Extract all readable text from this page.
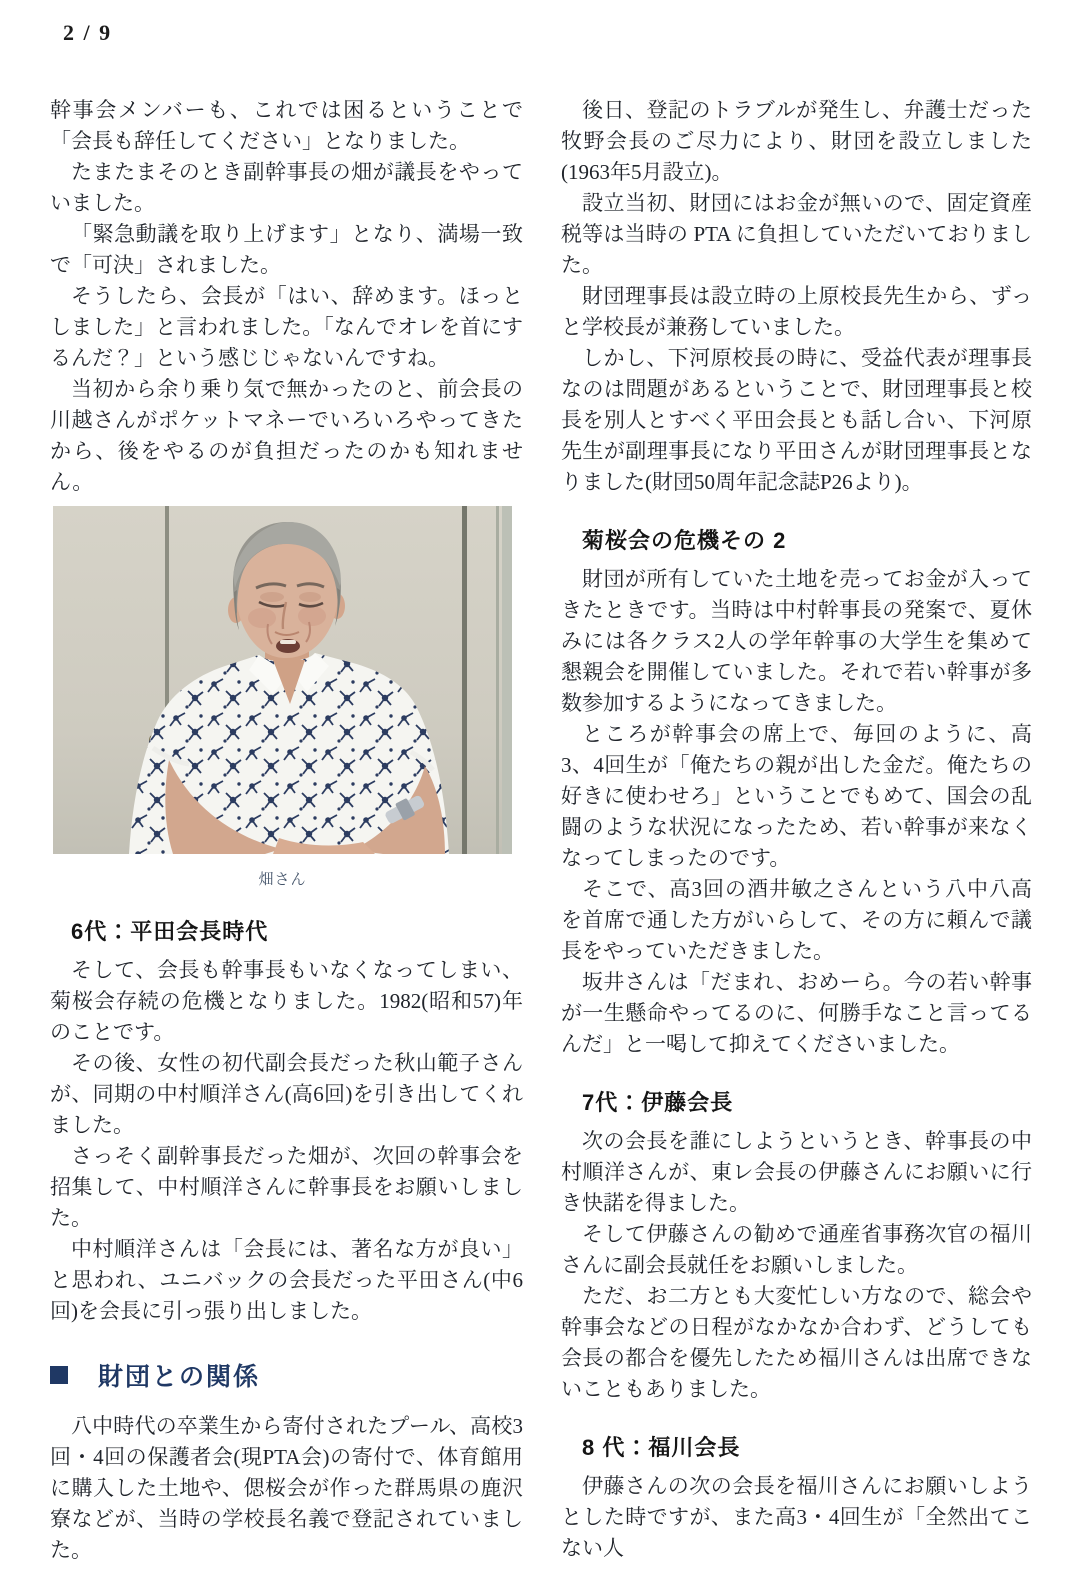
2 / 9

幹事会メンバーも、これでは困るということで「会長も辞任してください」となりました。

たまたまそのとき副幹事長の畑が議長をやっていました。

「緊急動議を取り上げます」となり、満場一致で「可決」されました。

そうしたら、会長が「はい、辞めます。ほっとしました」と言われました。「なんでオレを首にするんだ？」という感じじゃないんですね。

当初から余り乗り気で無かったのと、前会長の川越さんがポケットマネーでいろいろやってきたから、後をやるのが負担だったのかも知れません。

畑さん
6代：平田会長時代

そして、会長も幹事長もいなくなってしまい、菊桜会存続の危機となりました。1982(昭和57)年のことです。

その後、女性の初代副会長だった秋山範子さんが、同期の中村順洋さん(高6回)を引き出してくれました。

さっそく副幹事長だった畑が、次回の幹事会を招集して、中村順洋さんに幹事長をお願いしました。

中村順洋さんは「会長には、著名な方が良い」と思われ、ユニバックの会長だった平田さん(中6回)を会長に引っ張り出しました。

財団との関係

八中時代の卒業生から寄付されたプール、高校3回・4回の保護者会(現PTA会)の寄付で、体育館用に購入した土地や、偲桜会が作った群馬県の鹿沢寮などが、当時の学校長名義で登記されていました。

後日、登記のトラブルが発生し、弁護士だった牧野会長のご尽力により、財団を設立しました(1963年5月設立)。

設立当初、財団にはお金が無いので、固定資産税等は当時の PTA に負担していただいておりました。

財団理事長は設立時の上原校長先生から、ずっと学校長が兼務していました。

しかし、下河原校長の時に、受益代表が理事長なのは問題があるということで、財団理事長と校長を別人とすべく平田会長とも話し合い、下河原先生が副理事長になり平田さんが財団理事長となりました(財団50周年記念誌P26より)。

菊桜会の危機その 2

財団が所有していた土地を売ってお金が入ってきたときです。当時は中村幹事長の発案で、夏休みには各クラス2人の学年幹事の大学生を集めて懇親会を開催していました。それで若い幹事が多数参加するようになってきました。

ところが幹事会の席上で、毎回のように、高 3、4回生が「俺たちの親が出した金だ。俺たちの好きに使わせろ」ということでもめて、国会の乱闘のような状況になったため、若い幹事が来なくなってしまったのです。

そこで、高3回の酒井敏之さんという八中八高を首席で通した方がいらして、その方に頼んで議長をやっていただきました。

坂井さんは「だまれ、おめーら。今の若い幹事が一生懸命やってるのに、何勝手なこと言ってるんだ」と一喝して抑えてくださいました。

7代：伊藤会長

次の会長を誰にしようというとき、幹事長の中村順洋さんが、東レ会長の伊藤さんにお願いに行き快諾を得ました。

そして伊藤さんの勧めで通産省事務次官の福川さんに副会長就任をお願いしました。

ただ、お二方とも大変忙しい方なので、総会や幹事会などの日程がなかなか合わず、どうしても会長の都合を優先したため福川さんは出席できないこともありました。

8 代：福川会長

伊藤さんの次の会長を福川さんにお願いしようとした時ですが、また高3・4回生が「全然出てこない人
